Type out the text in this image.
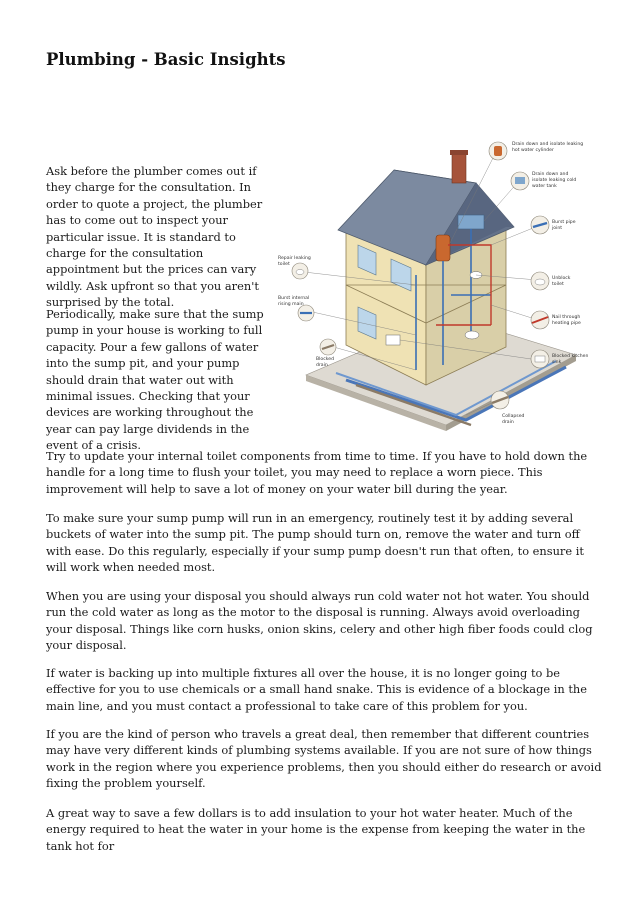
Plumbing - Basic Insights

Ask before the plumber comes out if they charge for the consultation. In order to quote a project, the plumber has to come out to inspect your particular issue. It is standard to charge for the consultation appointment but the prices can vary wildly. Ask upfront so that you aren't surprised by the total.

Periodically, make sure that the sump pump in your house is working to full capacity. Pour a few gallons of water into the sump pit, and your pump should drain that water out with minimal issues. Checking that your devices are working throughout the year can pay large dividends in the event of a crisis.

Try to update your internal toilet components from time to time. If you have to hold down the handle for a long time to flush your toilet, you may need to replace a worn piece. This improvement will help to save a lot of money on your water bill during the year.

To make sure your sump pump will run in an emergency, routinely test it by adding several buckets of water into the sump pit. The pump should turn on, remove the water and turn off with ease. Do this regularly, especially if your sump pump doesn't run that often, to ensure it will work when needed most.

When you are using your disposal you should always run cold water not hot water. You should run the cold water as long as the motor to the disposal is running. Always avoid overloading your disposal. Things like corn husks, onion skins, celery and other high fiber foods could clog your disposal.

If water is backing up into multiple fixtures all over the house, it is no longer going to be effective for you to use chemicals or a small hand snake. This is evidence of a blockage in the main line, and you must contact a professional to take care of this problem for you.

If you are the kind of person who travels a great deal, then remember that different countries may have very different kinds of plumbing systems available. If you are not sure of how things work in the region where you experience problems, then you should either do research or avoid fixing the problem yourself.

A great way to save a few dollars is to add insulation to your hot water heater. Much of the energy required to heat the water in your home is the expense from keeping the water in the tank hot for

Drain down and isolate leaking
hot water cylinder
Drain down and
isolate leaking cold
water tank
Burst pipe
joint
Unblock
toilet
Repair leaking
toilet
Nail through
heating pipe
Burst internal
rising main
Blocked kitchen
sink
Blocked
drain
Collapsed
drain
